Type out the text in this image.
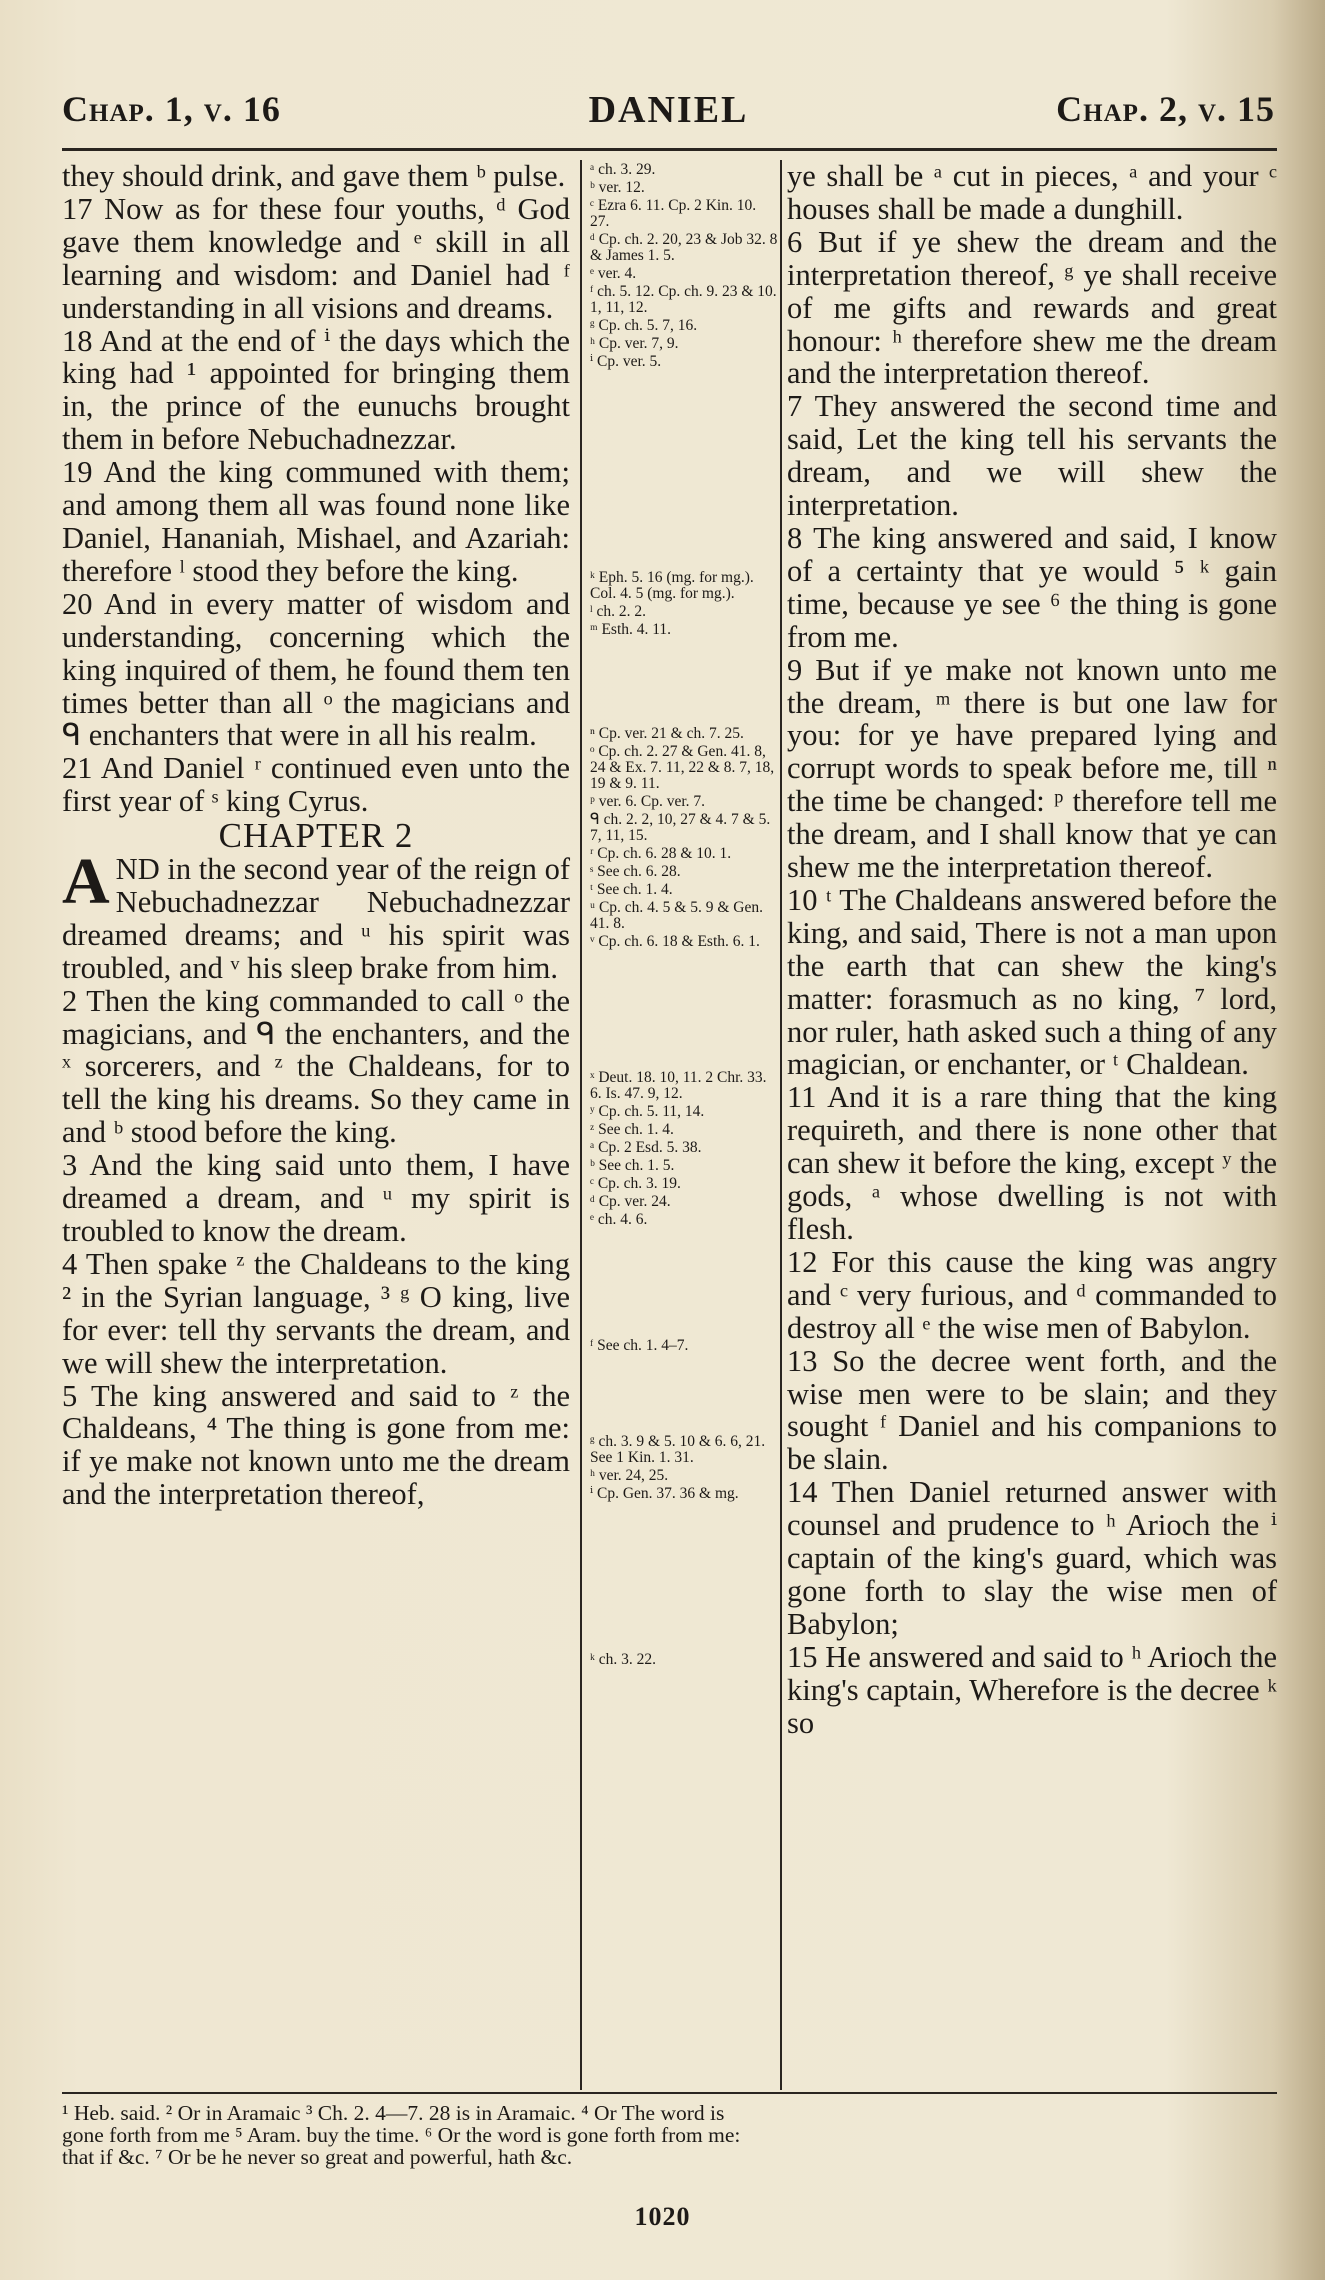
Chap. 1, v. 16	DANIEL	Chap. 2, v. 15

they should drink, and gave them ᵇ pulse.

17 Now as for these four youths, ᵈ God gave them knowledge and ᵉ skill in all learning and wisdom: and Daniel had ᶠ understanding in all visions and dreams.

18 And at the end of ⁱ the days which the king had ¹ appointed for bringing them in, the prince of the eunuchs brought them in before Nebuchadnezzar.

19 And the king communed with them; and among them all was found none like Daniel, Hananiah, Mishael, and Azariah: therefore ˡ stood they before the king.

20 And in every matter of wisdom and understanding, concerning which the king inquired of them, he found them ten times better than all ᵒ the magicians and ᑫ enchanters that were in all his realm.

21 And Daniel ʳ continued even unto the first year of ˢ king Cyrus.

CHAPTER 2

AND in the second year of the reign of Nebuchadnezzar Nebuchadnezzar dreamed dreams; and ᵘ his spirit was troubled, and ᵛ his sleep brake from him.

2 Then the king commanded to call ᵒ the magicians, and ᑫ the enchanters, and the ˣ sorcerers, and ᶻ the Chaldeans, for to tell the king his dreams. So they came in and ᵇ stood before the king.

3 And the king said unto them, I have dreamed a dream, and ᵘ my spirit is troubled to know the dream.

4 Then spake ᶻ the Chaldeans to the king ² in the Syrian language, ³ ᵍ O king, live for ever: tell thy servants the dream, and we will shew the interpretation.

5 The king answered and said to ᶻ the Chaldeans, ⁴ The thing is gone from me: if ye make not known unto me the dream and the interpretation thereof,

ᵃ ch. 3. 29.
ᵇ ver. 12.
ᶜ Ezra 6. 11. Cp. 2 Kin. 10. 27.
ᵈ Cp. ch. 2. 20, 23 & Job 32. 8 & James 1. 5.
ᵉ ver. 4.
ᶠ ch. 5. 12. Cp. ch. 9. 23 & 10. 1, 11, 12.
ᵍ Cp. ch. 5. 7, 16.
ʰ Cp. ver. 7, 9.
ⁱ Cp. ver. 5.
ᵏ Eph. 5. 16 (mg. for mg.). Col. 4. 5 (mg. for mg.).
ˡ ch. 2. 2.
ᵐ Esth. 4. 11.
ⁿ Cp. ver. 21 & ch. 7. 25.
ᵒ Cp. ch. 2. 27 & Gen. 41. 8, 24 & Ex. 7. 11, 22 & 8. 7, 18, 19 & 9. 11.
ᵖ ver. 6. Cp. ver. 7.
ᑫ ch. 2. 2, 10, 27 & 4. 7 & 5. 7, 11, 15.
ʳ Cp. ch. 6. 28 & 10. 1.
ˢ See ch. 6. 28.
ᵗ See ch. 1. 4.
ᵘ Cp. ch. 4. 5 & 5. 9 & Gen. 41. 8.
ᵛ Cp. ch. 6. 18 & Esth. 6. 1.
ˣ Deut. 18. 10, 11. 2 Chr. 33. 6. Is. 47. 9, 12.
ʸ Cp. ch. 5. 11, 14.
ᶻ See ch. 1. 4.
ᵃ Cp. 2 Esd. 5. 38.
ᵇ See ch. 1. 5.
ᶜ Cp. ch. 3. 19.
ᵈ Cp. ver. 24.
ᵉ ch. 4. 6.
ᶠ See ch. 1. 4–7.
ᵍ ch. 3. 9 & 5. 10 & 6. 6, 21. See 1 Kin. 1. 31.
ʰ ver. 24, 25.
ⁱ Cp. Gen. 37. 36 & mg.
ᵏ ch. 3. 22.

ye shall be ᵃ cut in pieces, ᵃ and your ᶜ houses shall be made a dunghill.

6 But if ye shew the dream and the interpretation thereof, ᵍ ye shall receive of me gifts and rewards and great honour: ʰ therefore shew me the dream and the interpretation thereof.

7 They answered the second time and said, Let the king tell his servants the dream, and we will shew the interpretation.

8 The king answered and said, I know of a certainty that ye would ⁵ ᵏ gain time, because ye see ⁶ the thing is gone from me.

9 But if ye make not known unto me the dream, ᵐ there is but one law for you: for ye have prepared lying and corrupt words to speak before me, till ⁿ the time be changed: ᵖ therefore tell me the dream, and I shall know that ye can shew me the interpretation thereof.

10 ᵗ The Chaldeans answered before the king, and said, There is not a man upon the earth that can shew the king's matter: forasmuch as no king, ⁷ lord, nor ruler, hath asked such a thing of any magician, or enchanter, or ᵗ Chaldean.

11 And it is a rare thing that the king requireth, and there is none other that can shew it before the king, except ʸ the gods, ᵃ whose dwelling is not with flesh.

12 For this cause the king was angry and ᶜ very furious, and ᵈ commanded to destroy all ᵉ the wise men of Babylon.

13 So the decree went forth, and the wise men were to be slain; and they sought ᶠ Daniel and his companions to be slain.

14 Then Daniel returned answer with counsel and prudence to ʰ Arioch the ⁱ captain of the king's guard, which was gone forth to slay the wise men of Babylon;

15 He answered and said to ʰ Arioch the king's captain, Wherefore is the decree ᵏ so

¹ Heb. said. ² Or in Aramaic ³ Ch. 2. 4—7. 28 is in Aramaic. ⁴ Or The word is
gone forth from me ⁵ Aram. buy the time. ⁶ Or the word is gone forth from me:
that if &c. ⁷ Or be he never so great and powerful, hath &c.
1020
